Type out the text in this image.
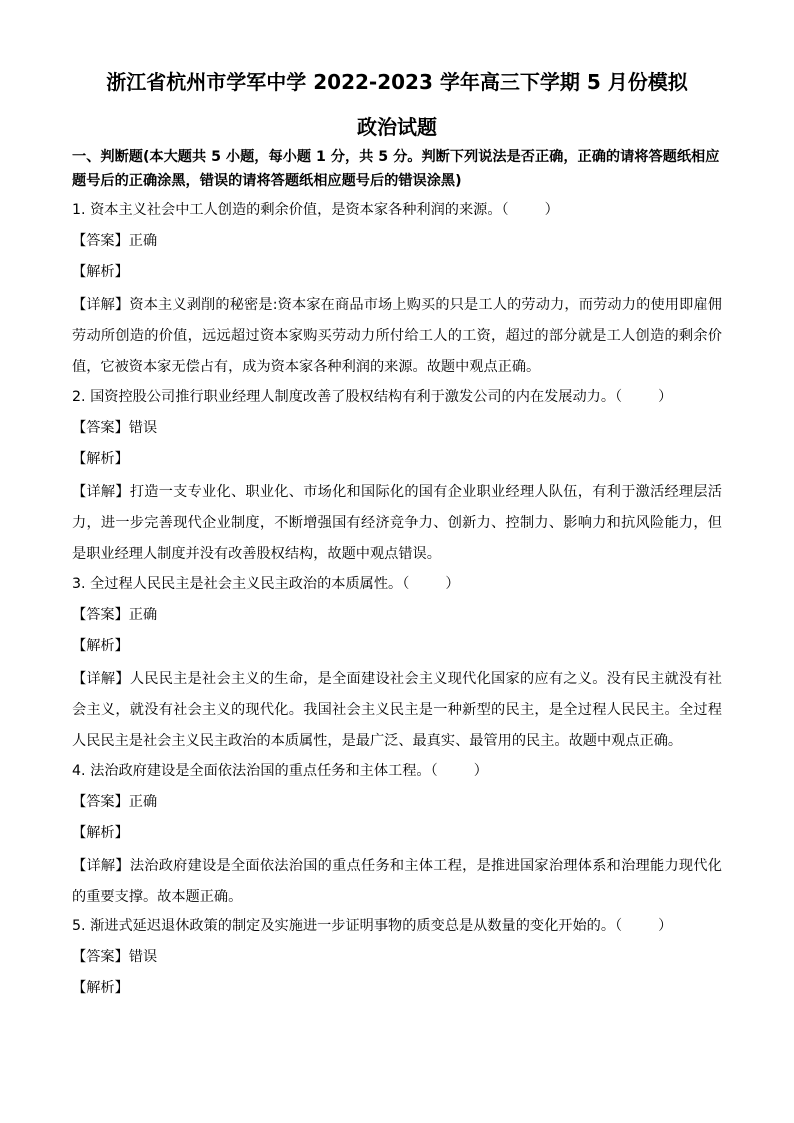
浙江省杭州市学军中学 2022-2023 学年高三下学期 5 月份模拟
政治试题
一、判断题(本大题共 5 小题，每小题 1 分，共 5 分。判断下列说法是否正确，正确的请将答题纸相应题号后的正确涂黑，错误的请将答题纸相应题号后的错误涂黑)
1. 资本主义社会中工人创造的剩余价值，是资本家各种利润的来源。（        ）
【答案】正确
【解析】
【详解】资本主义剥削的秘密是:资本家在商品市场上购买的只是工人的劳动力，而劳动力的使用即雇佣劳动所创造的价值，远远超过资本家购买劳动力所付给工人的工资，超过的部分就是工人创造的剩余价值，它被资本家无偿占有，成为资本家各种利润的来源。故题中观点正确。
2. 国资控股公司推行职业经理人制度改善了股权结构有利于激发公司的内在发展动力。（        ）
【答案】错误
【解析】
【详解】打造一支专业化、职业化、市场化和国际化的国有企业职业经理人队伍，有利于激活经理层活力，进一步完善现代企业制度，不断增强国有经济竞争力、创新力、控制力、影响力和抗风险能力，但是职业经理人制度并没有改善股权结构，故题中观点错误。
3. 全过程人民民主是社会主义民主政治的本质属性。（        ）
【答案】正确
【解析】
【详解】人民民主是社会主义的生命，是全面建设社会主义现代化国家的应有之义。没有民主就没有社会主义，就没有社会主义的现代化。我国社会主义民主是一种新型的民主，是全过程人民民主。全过程人民民主是社会主义民主政治的本质属性，是最广泛、最真实、最管用的民主。故题中观点正确。
4. 法治政府建设是全面依法治国的重点任务和主体工程。（        ）
【答案】正确
【解析】
【详解】法治政府建设是全面依法治国的重点任务和主体工程，是推进国家治理体系和治理能力现代化的重要支撑。故本题正确。
5. 渐进式延迟退休政策的制定及实施进一步证明事物的质变总是从数量的变化开始的。（        ）
【答案】错误
【解析】
